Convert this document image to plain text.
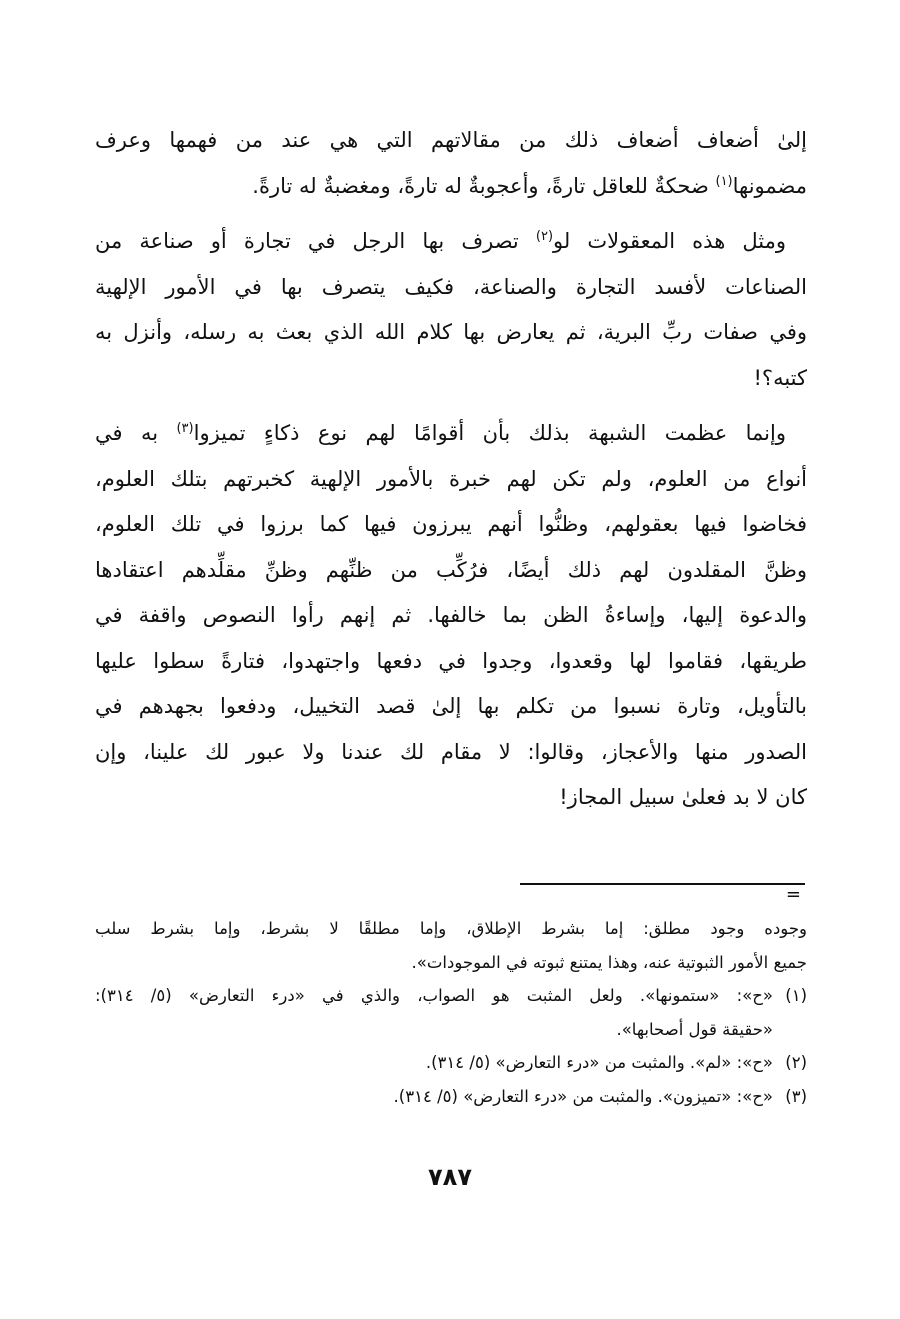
إلىٰ أضعاف أضعاف ذلك من مقالاتهم التي هي عند من فهمها وعرف
مضمونها$^{(١)}$ ضحكةٌ للعاقل تارةً، وأعجوبةٌ له تارةً، ومغضبةٌ له تارةً.

 ومثل هذه المعقولات لو$^{(٢)}$ تصرف بها الرجل في تجارة أو صناعة من
الصناعات لأفسد التجارة والصناعة، فكيف يتصرف بها في الأمور الإلهية
وفي صفات ربِّ البرية، ثم يعارض بها كلام الله الذي بعث به رسله، وأنزل به
كتبه؟!

 وإنما عظمت الشبهة بذلك بأن أقوامًا لهم نوع ذكاءٍ تميزوا$^{(٣)}$ به في
أنواع من العلوم، ولم تكن لهم خبرة بالأمور الإلهية كخبرتهم بتلك العلوم،
فخاضوا فيها بعقولهم، وظنُّوا أنهم يبرزون فيها كما برزوا في تلك العلوم،
وظنَّ المقلدون لهم ذلك أيضًا، فرُكِّب من ظنِّهم وظنِّ مقلِّدهم اعتقادها
والدعوة إليها، وإساءةُ الظن بما خالفها. ثم إنهم رأوا النصوص واقفة في
طريقها، فقاموا لها وقعدوا، وجدوا في دفعها واجتهدوا، فتارةً سطوا عليها
بالتأويل، وتارة نسبوا من تكلم بها إلىٰ قصد التخييل، ودفعوا بجهدهم في
الصدور منها والأعجاز، وقالوا: لا مقام لك عندنا ولا عبور لك علينا، وإن
كان لا بد فعلىٰ سبيل المجاز!

=
وجوده وجود مطلق: إما بشرط الإطلاق، وإما مطلقًا لا بشرط، وإما بشرط سلب
جميع الأمور الثبوتية عنه، وهذا يمتنع ثبوته في الموجودات».
(١)
«ح»: «ستمونها». ولعل المثبت هو الصواب، والذي في «درء التعارض» (٥/ ٣١٤):
«حقيقة قول أصحابها».
(٢)
«ح»: «لم». والمثبت من «درء التعارض» (٥/ ٣١٤).
(٣)
«ح»: «تميزون». والمثبت من «درء التعارض» (٥/ ٣١٤).
٧٨٧
